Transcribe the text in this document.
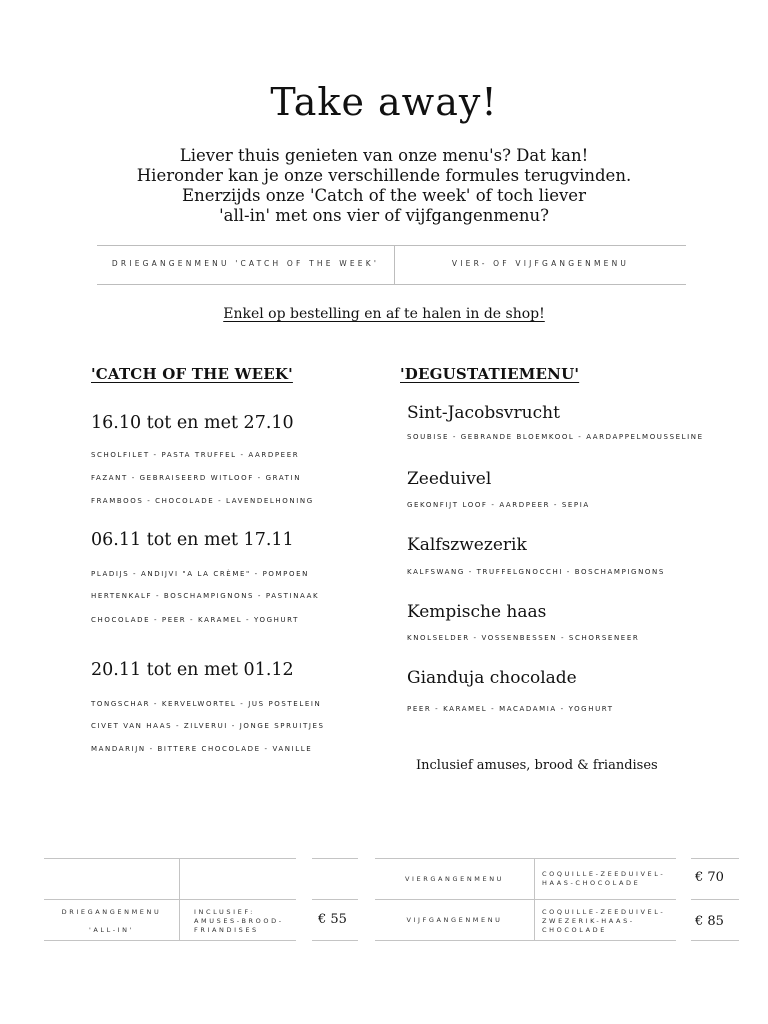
Take away!
Liever thuis genieten van onze menu's? Dat kan!
Hieronder kan je onze verschillende formules terugvinden.
Enerzijds onze 'Catch of the week' of toch liever
'all-in' met ons vier of vijfgangenmenu?
DRIEGANGENMENU 'CATCH OF THE WEEK'	VIER- OF VIJFGANGENMENU
Enkel op bestelling en af te halen in de shop!
'CATCH OF THE WEEK'
16.10 tot en met 27.10
SCHOLFILET - PASTA TRUFFEL - AARDPEER
FAZANT - GEBRAISEERD WITLOOF - GRATIN
FRAMBOOS - CHOCOLADE - LAVENDELHONING
06.11 tot en met 17.11
PLADIJS - ANDIJVI "A LA CRÈME" - POMPOEN
HERTENKALF - BOSCHAMPIGNONS - PASTINAAK
CHOCOLADE - PEER - KARAMEL - YOGHURT
20.11 tot en met 01.12
TONGSCHAR - KERVELWORTEL - JUS POSTELEIN
CIVET VAN HAAS - ZILVERUI - JONGE SPRUITJES
MANDARIJN - BITTERE CHOCOLADE - VANILLE
'DEGUSTATIEMENU'
Sint-Jacobsvrucht
SOUBISE - GEBRANDE BLOEMKOOL - AARDAPPELMOUSSELINE
Zeeduivel
GEKONFIJT LOOF - AARDPEER - SEPIA
Kalfszwezerik
KALFSWANG - TRUFFELGNOCCHI - BOSCHAMPIGNONS
Kempische haas
KNOLSELDER - VOSSENBESSEN - SCHORSENEER
Gianduja chocolade
PEER - KARAMEL - MACADAMIA - YOGHURT
Inclusief amuses, brood & friandises
DRIEGANGENMENU
'ALL-IN'
INCLUSIEF:
AMUSES-BROOD-
FRIANDISES
€ 55
VIERGANGENMENU
COQUILLE-ZEEDUIVEL-
HAAS-CHOCOLADE	€ 70
VIJFGANGENMENU
COQUILLE-ZEEDUIVEL-
ZWEZERIK-HAAS-
CHOCOLADE
€ 85
